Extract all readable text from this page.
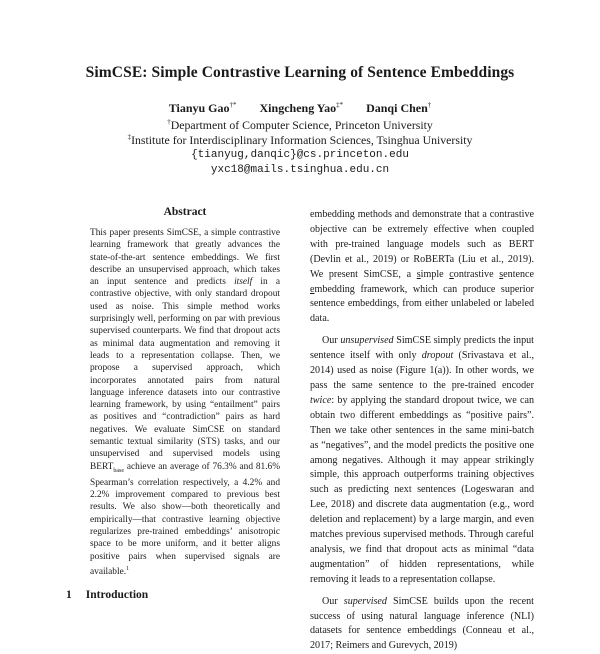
SimCSE: Simple Contrastive Learning of Sentence Embeddings
Tianyu Gao†* Xingcheng Yao‡* Danqi Chen†
†Department of Computer Science, Princeton University
‡Institute for Interdisciplinary Information Sciences, Tsinghua University
{tianyug,danqic}@cs.princeton.edu
yxc18@mails.tsinghua.edu.cn
Abstract
This paper presents SimCSE, a simple contrastive learning framework that greatly advances the state-of-the-art sentence embeddings. We first describe an unsupervised approach, which takes an input sentence and predicts itself in a contrastive objective, with only standard dropout used as noise. This simple method works surprisingly well, performing on par with previous supervised counterparts. We find that dropout acts as minimal data augmentation and removing it leads to a representation collapse. Then, we propose a supervised approach, which incorporates annotated pairs from natural language inference datasets into our contrastive learning framework, by using “entailment” pairs as positives and “contradiction” pairs as hard negatives. We evaluate SimCSE on standard semantic textual similarity (STS) tasks, and our unsupervised and supervised models using $BERT_{base}$ achieve an average of 76.3% and 81.6% Spearman’s correlation respectively, a 4.2% and 2.2% improvement compared to previous best results. We also show—both theoretically and empirically—that contrastive learning objective regularizes pre-trained embeddings’ anisotropic space to be more uniform, and it better aligns positive pairs when supervised signals are available.$^1$

embedding methods and demonstrate that a contrastive objective can be extremely effective when coupled with pre-trained language models such as BERT (Devlin et al., 2019) or RoBERTa (Liu et al., 2019). We present SimCSE, a simple contrastive sentence embedding framework, which can produce superior sentence embeddings, from either unlabeled or labeled data.

Our unsupervised SimCSE simply predicts the input sentence itself with only dropout (Srivastava et al., 2014) used as noise (Figure 1(a)). In other words, we pass the same sentence to the pre-trained encoder twice: by applying the standard dropout twice, we can obtain two different embeddings as “positive pairs”. Then we take other sentences in the same mini-batch as “negatives”, and the model predicts the positive one among negatives. Although it may appear strikingly simple, this approach outperforms training objectives such as predicting next sentences (Logeswaran and Lee, 2018) and discrete data augmentation (e.g., word deletion and replacement) by a large margin, and even matches previous supervised methods. Through careful analysis, we find that dropout acts as minimal “data augmentation” of hidden representations, while removing it leads to a representation collapse.

Our supervised SimCSE builds upon the recent success of using natural language inference (NLI) datasets for sentence embeddings (Conneau et al., 2017; Reimers and Gurevych, 2019)

1 Introduction
